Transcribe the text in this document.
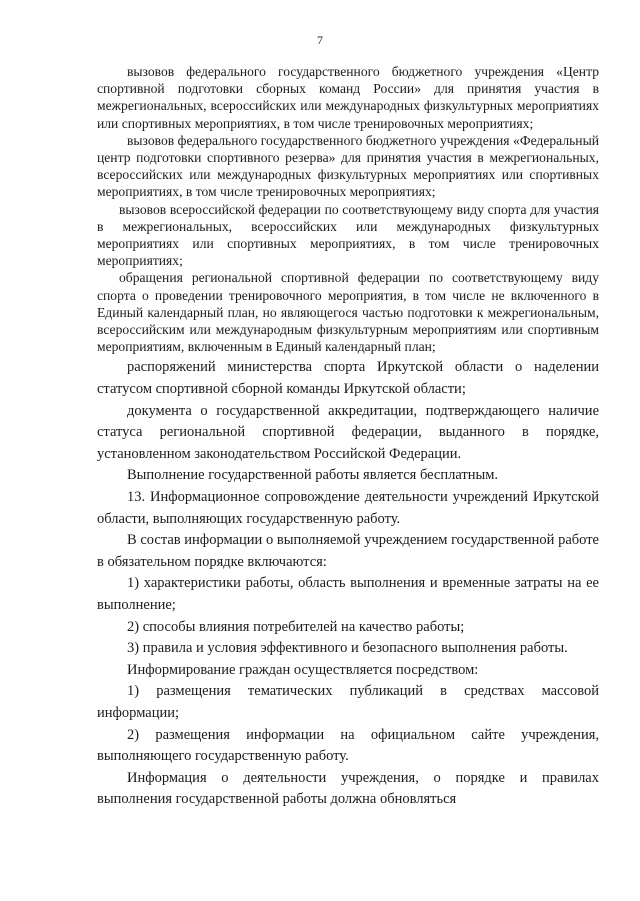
7

вызовов федерального государственного бюджетного учреждения «Центр спортивной подготовки сборных команд России» для принятия участия в межрегиональных, всероссийских или международных физкультурных мероприятиях или спортивных мероприятиях, в том числе тренировочных мероприятиях;

вызовов федерального государственного бюджетного учреждения «Федеральный центр подготовки спортивного резерва» для принятия участия в межрегиональных, всероссийских или международных физкультурных мероприятиях или спортивных мероприятиях, в том числе тренировочных мероприятиях;

вызовов всероссийской федерации по соответствующему виду спорта для участия в межрегиональных, всероссийских или международных физкультурных мероприятиях или спортивных мероприятиях, в том числе тренировочных мероприятиях;

обращения региональной спортивной федерации по соответствующему виду спорта о проведении тренировочного мероприятия, в том числе не включенного в Единый календарный план, но являющегося частью подготовки к межрегиональным, всероссийским или международным физкультурным мероприятиям или спортивным мероприятиям, включенным в Единый календарный план;

распоряжений министерства спорта Иркутской области о наделении статусом спортивной сборной команды Иркутской области;

документа о государственной аккредитации, подтверждающего наличие статуса региональной спортивной федерации, выданного в порядке, установленном законодательством Российской Федерации.

Выполнение государственной работы является бесплатным.

13. Информационное сопровождение деятельности учреждений Иркутской области, выполняющих государственную работу.

В состав информации о выполняемой учреждением государственной работе в обязательном порядке включаются:

1) характеристики работы, область выполнения и временные затраты на ее выполнение;

2) способы влияния потребителей на качество работы;

3) правила и условия эффективного и безопасного выполнения работы.

Информирование граждан осуществляется посредством:

1) размещения тематических публикаций в средствах массовой информации;

2) размещения информации на официальном сайте учреждения, выполняющего государственную работу.

Информация о деятельности учреждения, о порядке и правилах выполнения государственной работы должна обновляться
